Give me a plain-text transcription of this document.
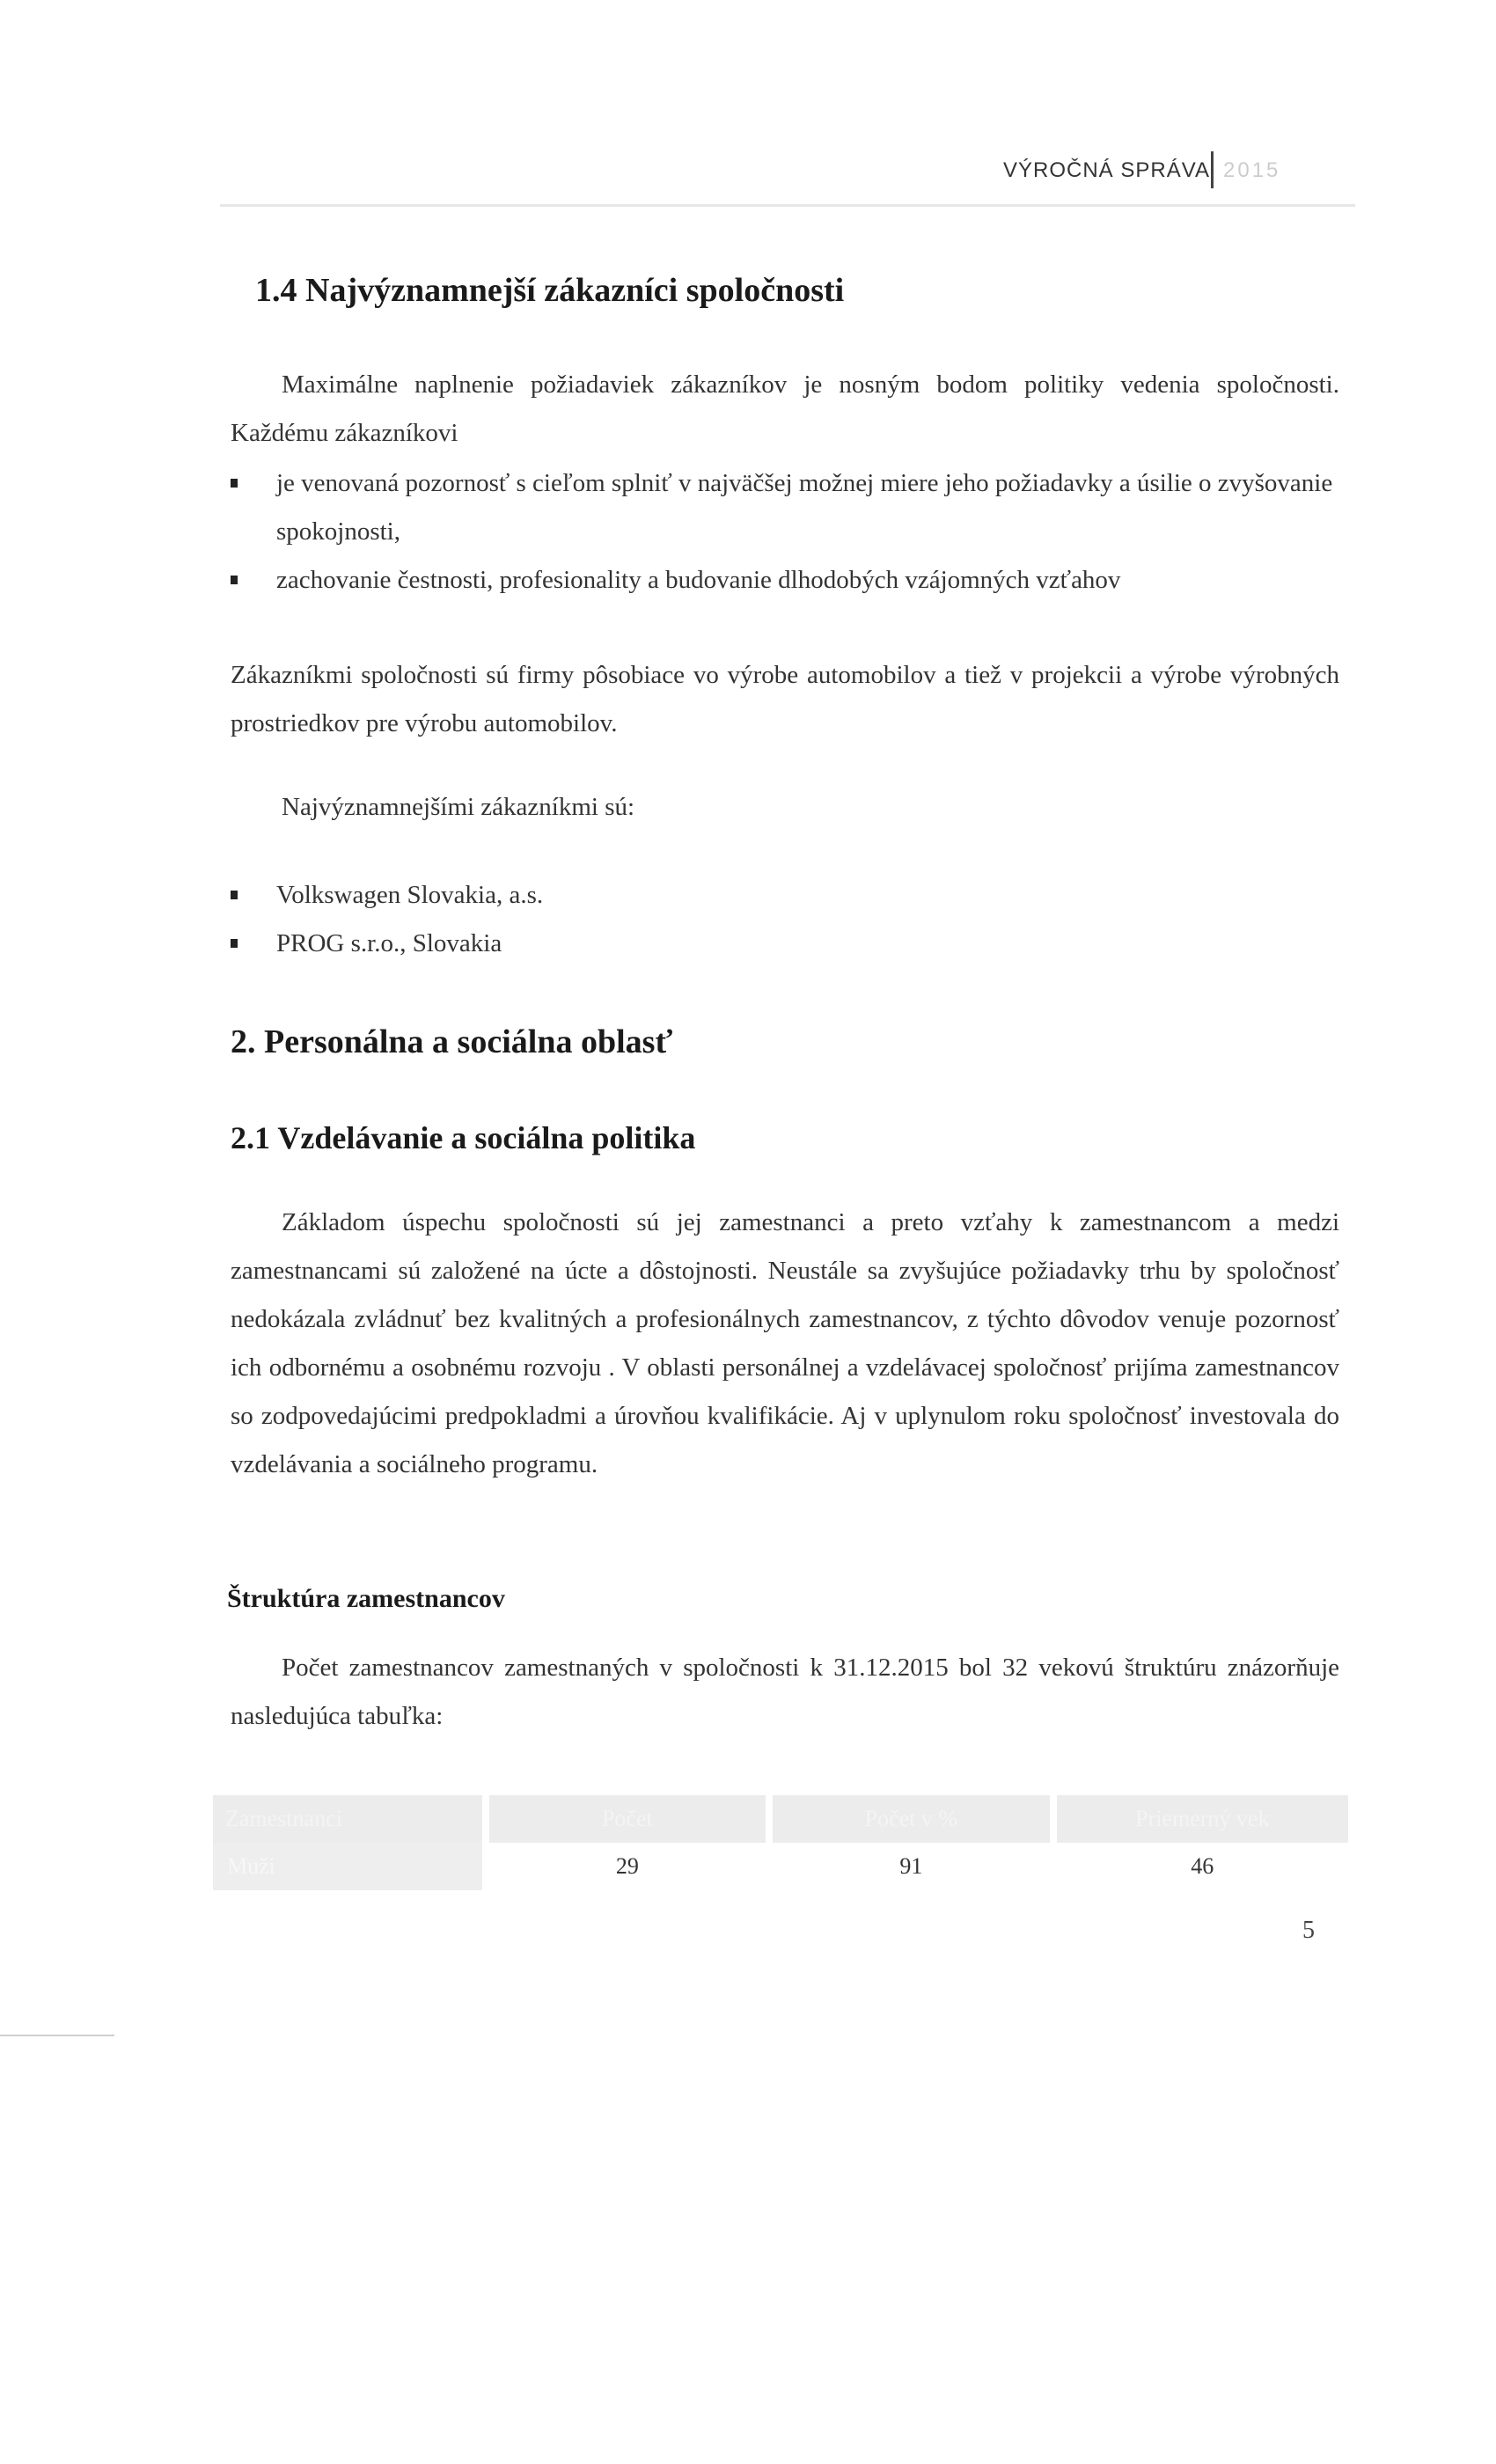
VÝROČNÁ SPRÁVA 2015
1.4 Najvýznamnejší zákazníci spoločnosti

Maximálne naplnenie požiadaviek zákazníkov je nosným bodom politiky vedenia spoločnosti. Každému zákazníkovi

je venovaná pozornosť s cieľom splniť v najväčšej možnej miere jeho požiadavky a úsilie o zvyšovanie spokojnosti,
zachovanie čestnosti, profesionality a budovanie dlhodobých vzájomných vzťahov

Zákazníkmi spoločnosti sú firmy pôsobiace vo výrobe automobilov a tiež v projekcii a výrobe výrobných prostriedkov pre výrobu automobilov.

Najvýznamnejšími zákazníkmi sú:

Volkswagen Slovakia, a.s.
PROG s.r.o., Slovakia
2. Personálna a sociálna oblasť
2.1 Vzdelávanie a sociálna politika

Základom úspechu spoločnosti sú jej zamestnanci a preto vzťahy k zamestnancom a medzi zamestnancami sú založené na úcte a dôstojnosti. Neustále sa zvyšujúce požiadavky trhu by spoločnosť nedokázala zvládnuť bez kvalitných a profesionálnych zamestnancov, z týchto dôvodov venuje pozornosť ich odbornému a osobnému rozvoju . V oblasti personálnej a vzdelávacej spoločnosť prijíma zamestnancov so zodpovedajúcimi predpokladmi a úrovňou kvalifikácie. Aj v uplynulom roku spoločnosť investovala do vzdelávania a sociálneho programu.

Štruktúra zamestnancov

Počet zamestnancov zamestnaných v spoločnosti k 31.12.2015 bol 32 vekovú štruktúru znázorňuje nasledujúca tabuľka:

Zamestnanci	Počet	Počet v %	Priemerný vek
Muži	29	91	46
5
